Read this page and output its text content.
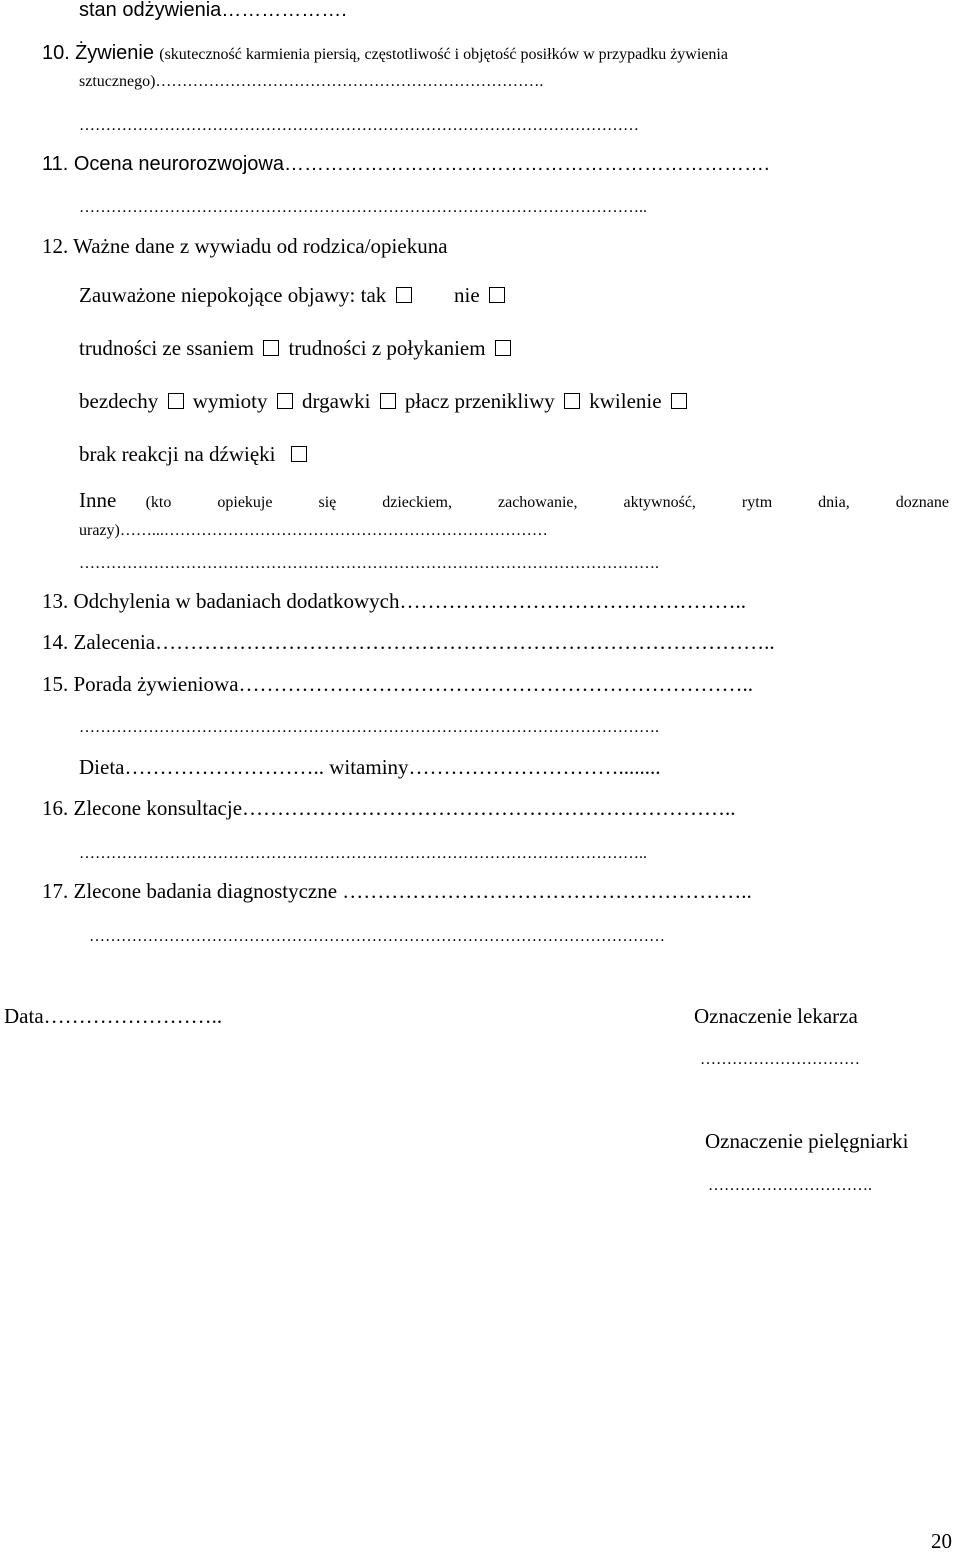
stan odżywienia……………….
10. Żywienie (skuteczność karmienia piersią, częstotliwość i objętość posiłków w przypadku żywienia
sztucznego)……………………………………………………………….
……………………………………………………………………………………………
11. Ocena neurorozwojowa……………………………………………………………….
……………………………………………………………………………………………..
12. Ważne dane z wywiadu od rodzica/opiekuna
Zauważone niepokojące objawy: tak	nie
trudności ze ssaniem trudności z połykaniem
bezdechy wymioty drgawki płacz przenikliwy kwilenie
brak reakcji na dźwięki
Inne (kto opiekuje się dzieckiem, zachowanie, aktywność, rytm dnia, doznane
urazy)……...………………………………………………………………
……………………………………………………………………………………………….
13. Odchylenia w badaniach dodatkowych…………………………………………..
14. Zalecenia……………………………………………………………………………..
15. Porada żywieniowa………………………………………………………………..
……………………………………………………………………………………………….
Dieta……………………….. witaminy…………………………........
16. Zlecone konsultacje……………………………………………………………..
……………………………………………………………………………………………..
17. Zlecone badania diagnostyczne …………………………………………………..
………………………………………………………………………………………………
Data……………………..	Oznaczenie lekarza
…………………………
Oznaczenie pielęgniarki
………………………….
20
